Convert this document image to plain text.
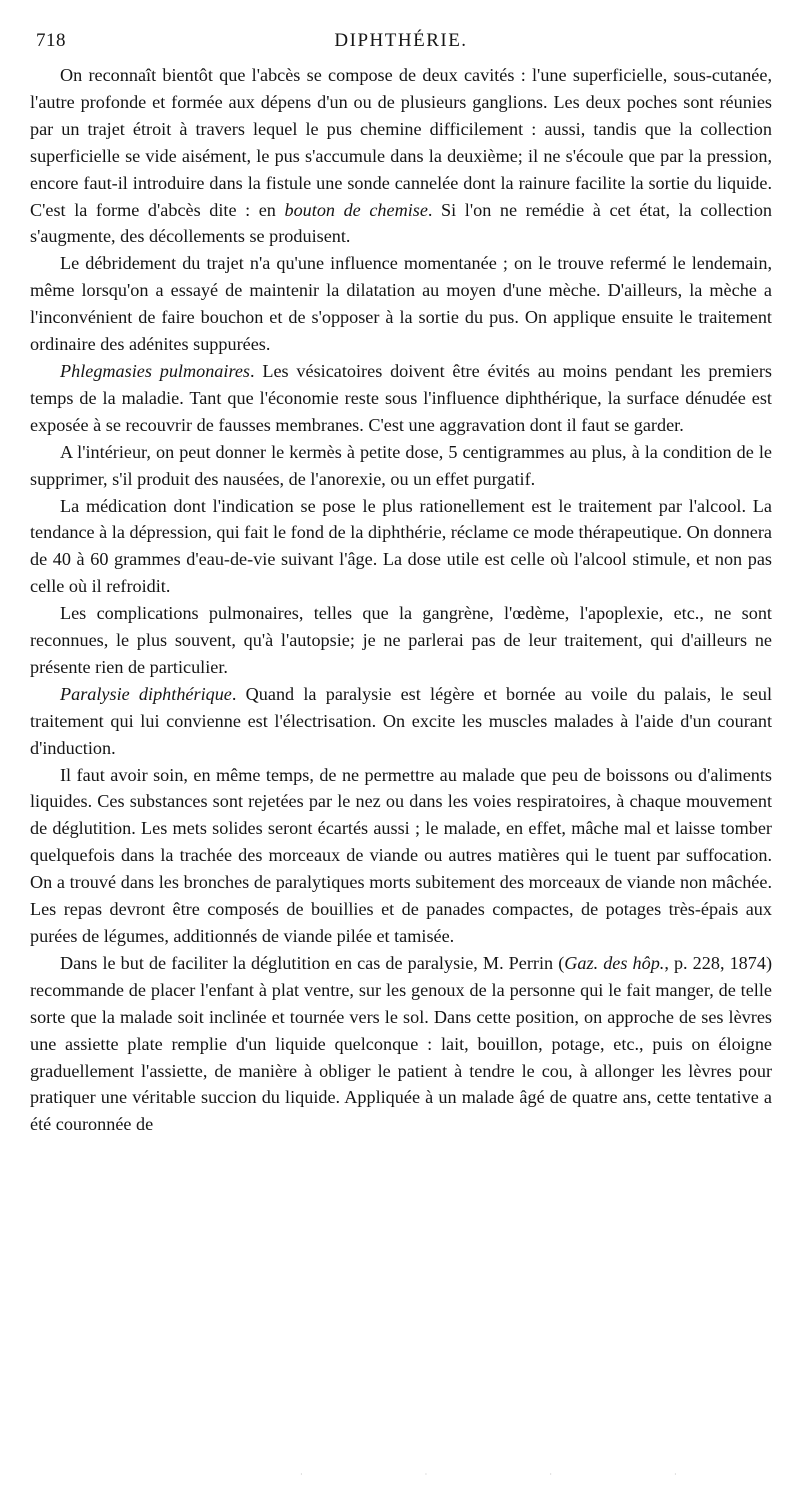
718	DIPHTHÉRIE.

On reconnaît bientôt que l'abcès se compose de deux cavités : l'une superficielle, sous-cutanée, l'autre profonde et formée aux dépens d'un ou de plusieurs ganglions. Les deux poches sont réunies par un trajet étroit à travers lequel le pus chemine difficilement : aussi, tandis que la collection superficielle se vide aisément, le pus s'accumule dans la deuxième; il ne s'écoule que par la pression, encore faut-il introduire dans la fistule une sonde cannelée dont la rainure facilite la sortie du liquide. C'est la forme d'abcès dite : en bouton de chemise. Si l'on ne remédie à cet état, la collection s'augmente, des décollements se produisent.

Le débridement du trajet n'a qu'une influence momentanée ; on le trouve refermé le lendemain, même lorsqu'on a essayé de maintenir la dilatation au moyen d'une mèche. D'ailleurs, la mèche a l'inconvénient de faire bouchon et de s'opposer à la sortie du pus. On applique ensuite le traitement ordinaire des adénites suppurées.

Phlegmasies pulmonaires. Les vésicatoires doivent être évités au moins pendant les premiers temps de la maladie. Tant que l'économie reste sous l'influence diphthérique, la surface dénudée est exposée à se recouvrir de fausses membranes. C'est une aggravation dont il faut se garder.

A l'intérieur, on peut donner le kermès à petite dose, 5 centigrammes au plus, à la condition de le supprimer, s'il produit des nausées, de l'anorexie, ou un effet purgatif.

La médication dont l'indication se pose le plus rationellement est le traitement par l'alcool. La tendance à la dépression, qui fait le fond de la diphthérie, réclame ce mode thérapeutique. On donnera de 40 à 60 grammes d'eau-de-vie suivant l'âge. La dose utile est celle où l'alcool stimule, et non pas celle où il refroidit.

Les complications pulmonaires, telles que la gangrène, l'œdème, l'apoplexie, etc., ne sont reconnues, le plus souvent, qu'à l'autopsie; je ne parlerai pas de leur traitement, qui d'ailleurs ne présente rien de particulier.

Paralysie diphthérique. Quand la paralysie est légère et bornée au voile du palais, le seul traitement qui lui convienne est l'électrisation. On excite les muscles malades à l'aide d'un courant d'induction.

Il faut avoir soin, en même temps, de ne permettre au malade que peu de boissons ou d'aliments liquides. Ces substances sont rejetées par le nez ou dans les voies respiratoires, à chaque mouvement de déglutition. Les mets solides seront écartés aussi ; le malade, en effet, mâche mal et laisse tomber quelquefois dans la trachée des morceaux de viande ou autres matières qui le tuent par suffocation. On a trouvé dans les bronches de paralytiques morts subitement des morceaux de viande non mâchée. Les repas devront être composés de bouillies et de panades compactes, de potages très-épais aux purées de légumes, additionnés de viande pilée et tamisée.

Dans le but de faciliter la déglutition en cas de paralysie, M. Perrin (Gaz. des hôp., p. 228, 1874) recommande de placer l'enfant à plat ventre, sur les genoux de la personne qui le fait manger, de telle sorte que la malade soit inclinée et tournée vers le sol. Dans cette position, on approche de ses lèvres une assiette plate remplie d'un liquide quelconque : lait, bouillon, potage, etc., puis on éloigne graduellement l'assiette, de manière à obliger le patient à tendre le cou, à allonger les lèvres pour pratiquer une véritable succion du liquide. Appliquée à un malade âgé de quatre ans, cette tentative a été couronnée de

· · · ·
